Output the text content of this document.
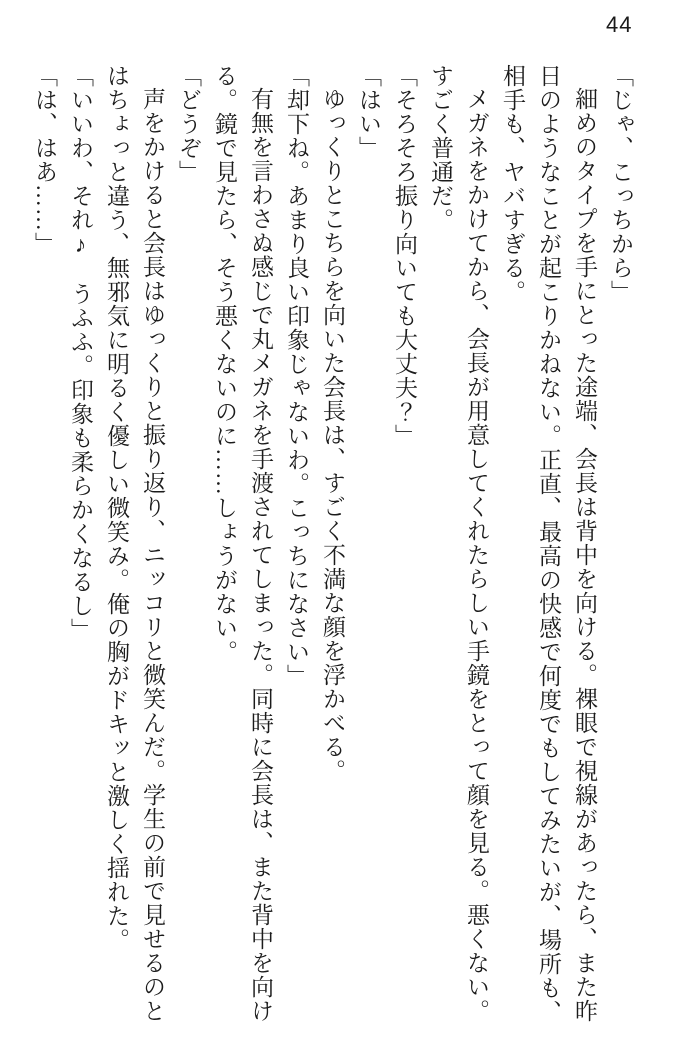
44

「じゃ、こっちから」

細めのタイプを手にとった途端、会長は背中を向ける。裸眼で視線があったら、また昨日のようなことが起こりかねない。正直、最高の快感で何度でもしてみたいが、場所も、相手も、ヤバすぎる。

メガネをかけてから、会長が用意してくれたらしい手鏡をとって顔を見る。悪くない。すごく普通だ。

「そろそろ振り向いても大丈夫？」

「はい」

ゆっくりとこちらを向いた会長は、すごく不満な顔を浮かべる。

「却下ね。あまり良い印象じゃないわ。こっちになさい」

有無を言わさぬ感じで丸メガネを手渡されてしまった。同時に会長は、また背中を向ける。鏡で見たら、そう悪くないのに……しょうがない。

「どうぞ」

声をかけると会長はゆっくりと振り返り、ニッコリと微笑んだ。学生の前で見せるのとはちょっと違う、無邪気に明るく優しい微笑み。俺の胸がドキッと激しく揺れた。

「いいわ、それ♪　うふふ。印象も柔らかくなるし」

「は、はあ……」
